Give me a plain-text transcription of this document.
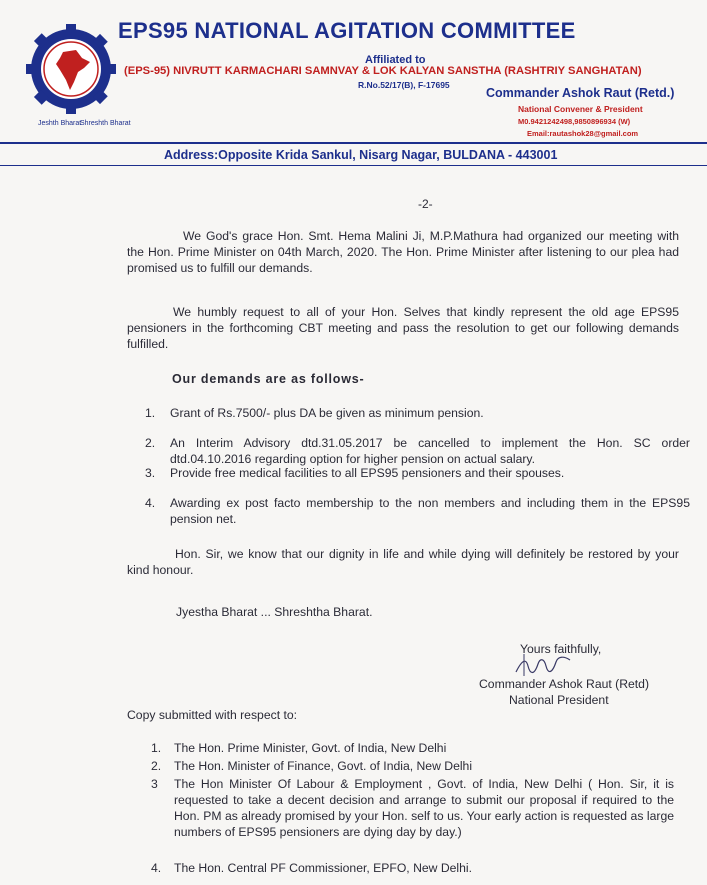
Jeshth Bharat
Shreshth Bharat
EPS95 NATIONAL AGITATION COMMITTEE
Affiliated to
(EPS-95) NIVRUTT KARMACHARI SAMNVAY & LOK KALYAN SANSTHA (RASHTRIY SANGHATAN)
R.No.52/17(B), F-17695
Commander Ashok Raut (Retd.)
National Convener & President
M0.9421242498,9850896934 (W)
Email:rautashok28@gmail.com
Address:Opposite Krida Sankul, Nisarg Nagar, BULDANA - 443001
-2-
We God's grace Hon. Smt. Hema Malini Ji, M.P.Mathura had organized our meeting with the Hon. Prime Minister on 04th March, 2020. The Hon. Prime Minister after listening to our plea had promised us to fulfill our demands.
We humbly request to all of your Hon. Selves that kindly represent the old age EPS95 pensioners in the forthcoming CBT meeting and pass the resolution to get our following demands fulfilled.
Our demands are as follows-
1.	Grant of Rs.7500/- plus DA be given as minimum pension.
2.	An Interim Advisory dtd.31.05.2017 be cancelled to implement the Hon. SC order dtd.04.10.2016 regarding option for higher pension on actual salary.
3.	Provide free medical facilities to all EPS95 pensioners and their spouses.
4.	Awarding ex post facto membership to the non members and including them in the EPS95 pension net.
Hon. Sir, we know that our dignity in life and while dying will definitely be restored by your kind honour.
Jyestha Bharat ... Shreshtha Bharat.
Yours faithfully,
Commander Ashok Raut (Retd)
National President
Copy submitted with respect to:
1.	The Hon. Prime Minister, Govt. of India, New Delhi
2.	The Hon. Minister of Finance, Govt. of India, New Delhi
3	The Hon Minister Of Labour & Employment , Govt. of India, New Delhi ( Hon. Sir, it is requested to take a decent decision and arrange to submit our proposal if required to the Hon. PM as already promised by your Hon. self to us. Your early action is requested as large numbers of EPS95 pensioners are dying day by day.)
4.	The Hon. Central PF Commissioner, EPFO, New Delhi.
